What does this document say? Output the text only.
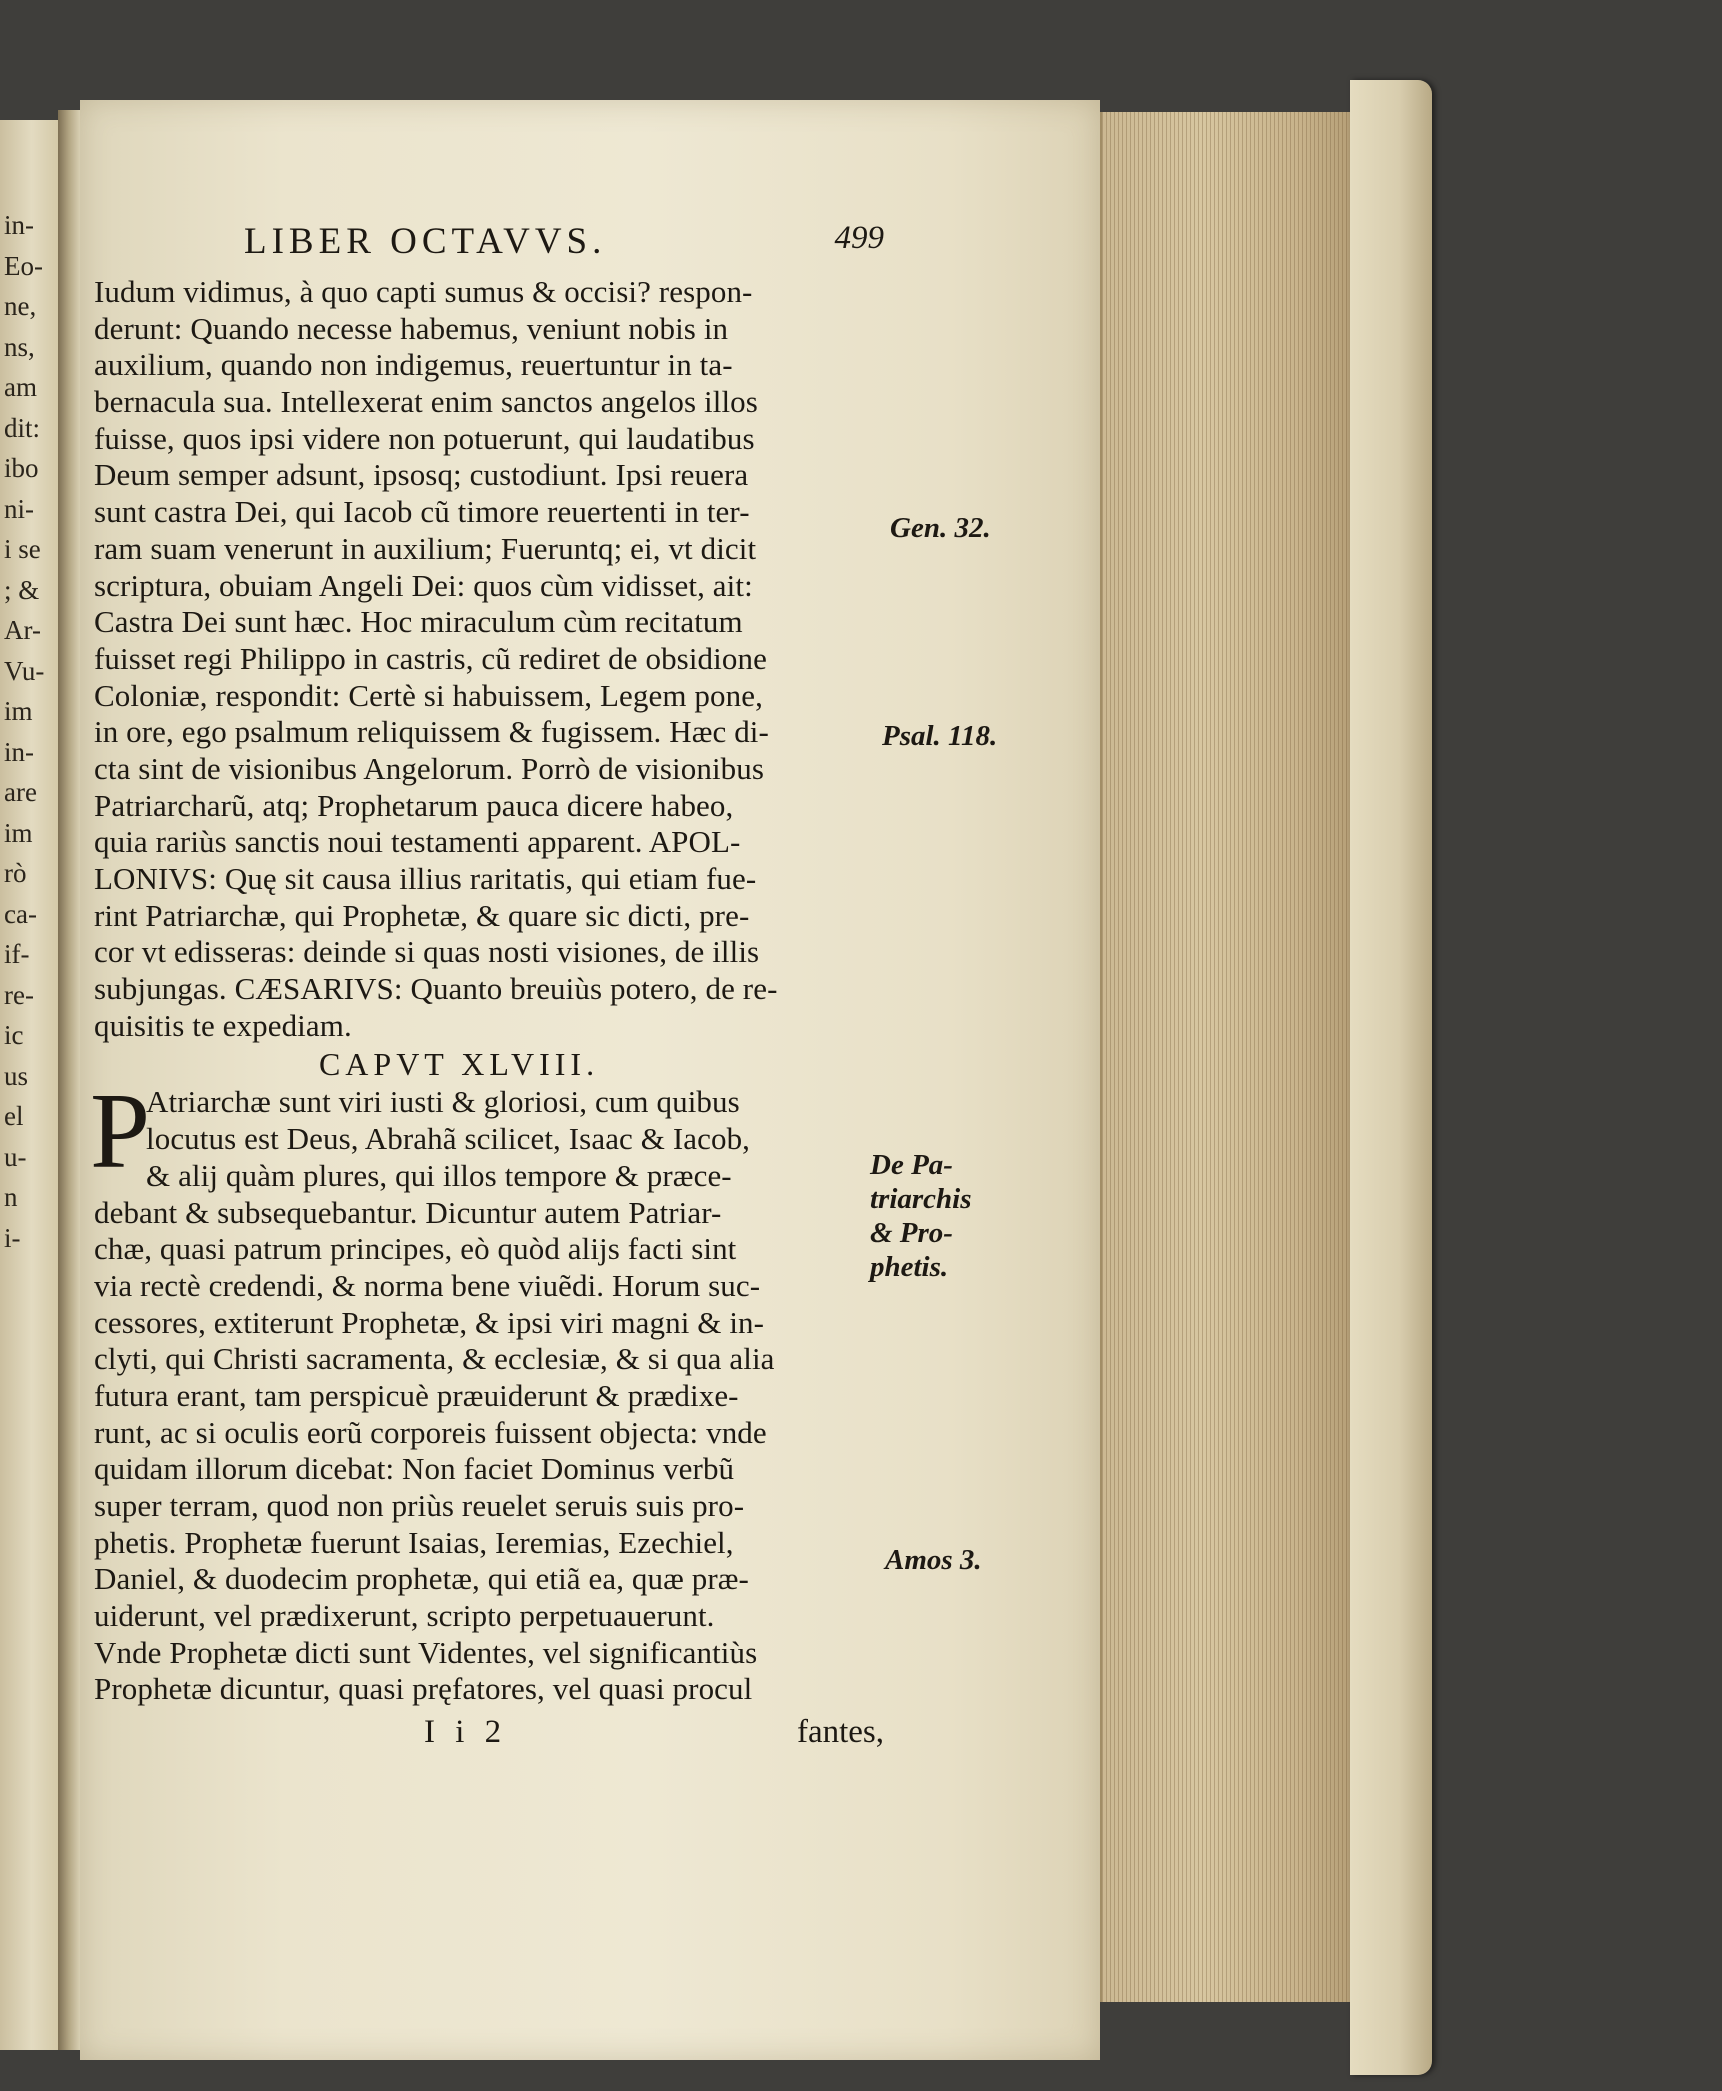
in-
Eo-
ne,
ns,
am
dit:
ibo
ni-
i se
; &
Ar-
Vu-
im
in-
are
im
rò
ca-
if-
re-
ic
us
el
u-
n
i-
LIBER OCTAVVS.	499
Iudum vidimus, à quo capti sumus & occisi? respon-
derunt: Quando necesse habemus, veniunt nobis in
auxilium, quando non indigemus, reuertuntur in ta-
bernacula sua. Intellexerat enim sanctos angelos illos
fuisse, quos ipsi videre non potuerunt, qui laudatibus
Deum semper adsunt, ipsosq; custodiunt. Ipsi reuera
sunt castra Dei, qui Iacob cũ timore reuertenti in ter-
ram suam venerunt in auxilium; Fueruntq; ei, vt dicit
scriptura, obuiam Angeli Dei: quos cùm vidisset, ait:
Castra Dei sunt hæc. Hoc miraculum cùm recitatum
fuisset regi Philippo in castris, cũ rediret de obsidione
Coloniæ, respondit: Certè si habuissem, Legem pone,
in ore, ego psalmum reliquissem & fugissem. Hæc di-
cta sint de visionibus Angelorum. Porrò de visionibus
Patriarcharũ, atq; Prophetarum pauca dicere habeo,
quia rariùs sanctis noui testamenti apparent. APOL-
LONIVS: Quę sit causa illius raritatis, qui etiam fue-
rint Patriarchæ, qui Prophetæ, & quare sic dicti, pre-
cor vt edisseras: deinde si quas nosti visiones, de illis
subjungas. CÆSARIVS: Quanto breuiùs potero, de re-
quisitis te expediam.
CAPVT XLVIII.
P
Atriarchæ sunt viri iusti & gloriosi, cum quibus
locutus est Deus, Abrahã scilicet, Isaac & Iacob,
& alij quàm plures, qui illos tempore & præce-
debant & subsequebantur. Dicuntur autem Patriar-
chæ, quasi patrum principes, eò quòd alijs facti sint
via rectè credendi, & norma bene viuẽdi. Horum suc-
cessores, extiterunt Prophetæ, & ipsi viri magni & in-
clyti, qui Christi sacramenta, & ecclesiæ, & si qua alia
futura erant, tam perspicuè præuiderunt & prædixe-
runt, ac si oculis eorũ corporeis fuissent objecta: vnde
quidam illorum dicebat: Non faciet Dominus verbũ
super terram, quod non priùs reuelet seruis suis pro-
phetis. Prophetæ fuerunt Isaias, Ieremias, Ezechiel,
Daniel, & duodecim prophetæ, qui etiã ea, quæ præ-
uiderunt, vel prædixerunt, scripto perpetuauerunt.
Vnde Prophetæ dicti sunt Videntes, vel significantiùs
Prophetæ dicuntur, quasi pręfatores, vel quasi procul
I i 2	fantes,
Gen. 32.
Psal. 118.
De Pa-
triarchis
& Pro-
phetis.
Amos 3.
